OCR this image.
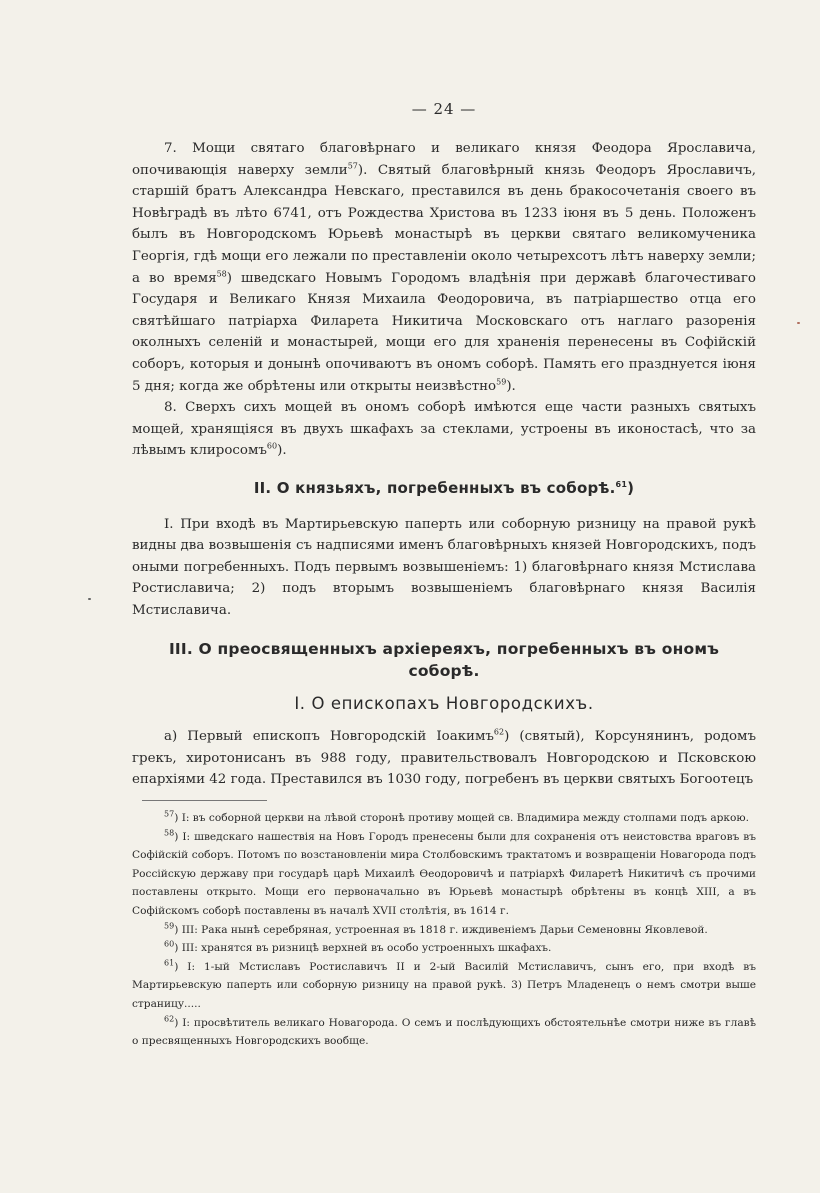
— 24 —

7. Мощи святаго благовѣрнаго и великаго князя Феодора Ярославича, опочивающія наверху земли$^{57}$). Святый благовѣрный князь Феодоръ Ярославичъ, старшій братъ Александра Невскаго, преставился въ день бракосочетанія своего въ Новѣградѣ въ лѣто 6741, отъ Рождества Христова въ 1233 іюня въ 5 день. Положенъ былъ въ Новгородскомъ Юрьевѣ монастырѣ въ церкви святаго великомученика Георгія, гдѣ мощи его лежали по преставленіи около четырехсотъ лѣтъ наверху земли; а во время$^{58}$) шведскаго Новымъ Городомъ владѣнія при державѣ благочестиваго Государя и Великаго Князя Михаила Феодоровича, въ патріаршество отца его святѣйшаго патріарха Филарета Никитича Московскаго отъ наглаго разоренія околныхъ селеній и монастырей, мощи его для храненія перенесены въ Софійскій соборъ, которыя и донынѣ опочиваютъ въ ономъ соборѣ. Память его празднуется іюня 5 дня; когда же обрѣтены или открыты неизвѣстно$^{59}$).

8. Сверхъ сихъ мощей въ ономъ соборѣ имѣются еще части разныхъ святыхъ мощей, хранящіяся въ двухъ шкафахъ за стеклами, устроены въ иконостасѣ, что за лѣвымъ клиросомъ$^{60}$).

II. О князьяхъ, погребенныхъ въ соборѣ.$^{61}$)

I. При входѣ въ Мартирьевскую паперть или соборную ризницу на правой рукѣ видны два возвышенія съ надписями именъ благовѣрныхъ князей Новгородскихъ, подъ оными погребенныхъ. Подъ первымъ возвышеніемъ: 1) благовѣрнаго князя Мстислава Ростиславича; 2) подъ вторымъ возвышеніемъ благовѣрнаго князя Василія Мстиславича.

III. О преосвященныхъ архіереяхъ, погребенныхъ въ ономъ соборѣ.

I. О епископахъ Новгородскихъ.

а) Первый епископъ Новгородскій Іоакимъ$^{62}$) (святый), Корсунянинъ, родомъ грекъ, хиротонисанъ въ 988 году, правительствовалъ Новгородскою и Псковскою епархіями 42 года. Преставился въ 1030 году, погребенъ въ церкви святыхъ Богоотецъ

$^{57}$) I: въ соборной церкви на лѣвой сторонѣ противу мощей св. Владимира между столпами подъ аркою.

$^{58}$) I: шведскаго нашествія на Новъ Городъ пренесены были для сохраненія отъ неистовства враговъ въ Софійскій соборъ. Потомъ по возстановленіи мира Столбовскимъ трактатомъ и возвращеніи Новагорода подъ Россійскую державу при государѣ царѣ Михаилѣ Ѳеодоровичѣ и патріархѣ Филаретѣ Никитичѣ съ прочими поставлены открыто. Мощи его первоначально въ Юрьевѣ монастырѣ обрѣтены въ концѣ XIII, а въ Софійскомъ соборѣ поставлены въ началѣ XVII столѣтія, въ 1614 г.

$^{59}$) III: Рака нынѣ серебряная, устроенная въ 1818 г. иждивеніемъ Дарьи Семеновны Яковлевой.

$^{60}$) III: хранятся въ ризницѣ верхней въ особо устроенныхъ шкафахъ.

$^{61}$) I: 1-ый Мстиславъ Ростиславичъ II и 2-ый Василій Мстиславичъ, сынъ его, при входѣ въ Мартирьевскую паперть или соборную ризницу на правой рукѣ. 3) Петръ Младенецъ о немъ смотри выше страницу.....

$^{62}$) I: просвѣтитель великаго Новагорода. О семъ и послѣдующихъ обстоятельнѣе смотри ниже въ главѣ о пресвященныхъ Новгородскихъ вообще.
